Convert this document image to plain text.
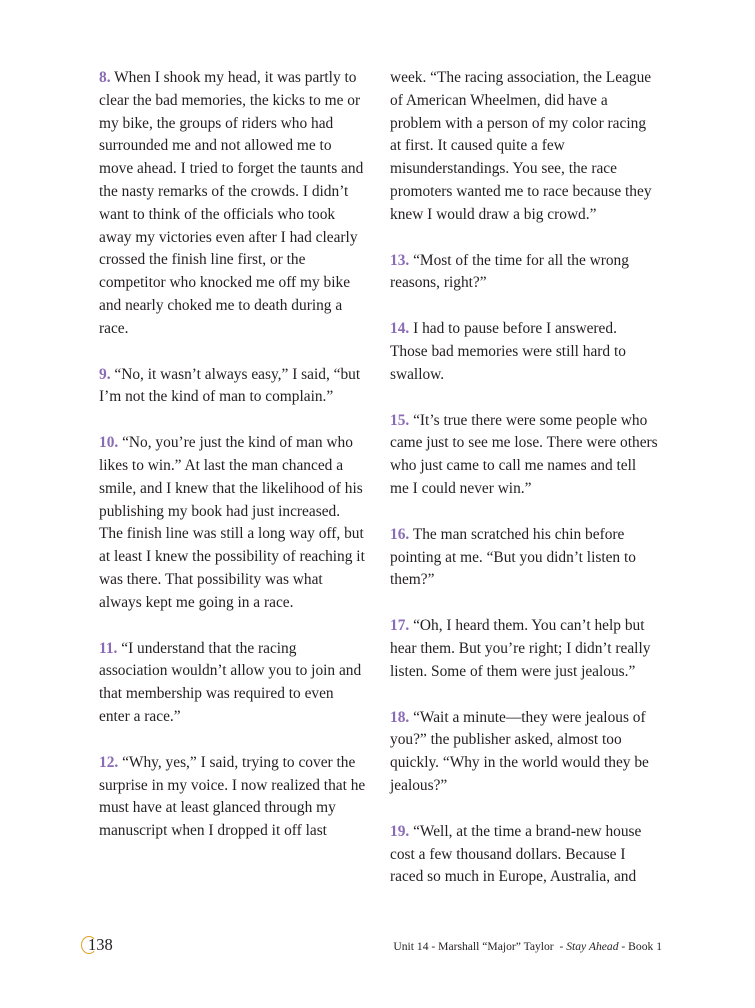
8. When I shook my head, it was partly to clear the bad memories, the kicks to me or my bike, the groups of riders who had surrounded me and not allowed me to move ahead. I tried to forget the taunts and the nasty remarks of the crowds. I didn’t want to think of the officials who took away my victories even after I had clearly crossed the finish line first, or the competitor who knocked me off my bike and nearly choked me to death during a race.

9. “No, it wasn’t always easy,” I said, “but I’m not the kind of man to complain.”

10. “No, you’re just the kind of man who likes to win.” At last the man chanced a smile, and I knew that the likelihood of his publishing my book had just increased. The finish line was still a long way off, but at least I knew the possibility of reaching it was there. That possibility was what always kept me going in a race.

11. “I understand that the racing association wouldn’t allow you to join and that membership was required to even enter a race.”

12. “Why, yes,” I said, trying to cover the surprise in my voice. I now realized that he must have at least glanced through my manuscript when I dropped it off last

week. “The racing association, the League of American Wheelmen, did have a problem with a person of my color racing at first. It caused quite a few misunderstandings. You see, the race promoters wanted me to race because they knew I would draw a big crowd.”

13. “Most of the time for all the wrong reasons, right?”

14. I had to pause before I answered. Those bad memories were still hard to swallow.

15. “It’s true there were some people who came just to see me lose. There were others who just came to call me names and tell me I could never win.”

16. The man scratched his chin before pointing at me. “But you didn’t listen to them?”

17. “Oh, I heard them. You can’t help but hear them. But you’re right; I didn’t really listen. Some of them were just jealous.”

18. “Wait a minute—they were jealous of you?” the publisher asked, almost too quickly. “Why in the world would they be jealous?”

19. “Well, at the time a brand-new house cost a few thousand dollars. Because I raced so much in Europe, Australia, and

138	Unit 14 - Marshall “Major” Taylor  - Stay Ahead - Book 1
